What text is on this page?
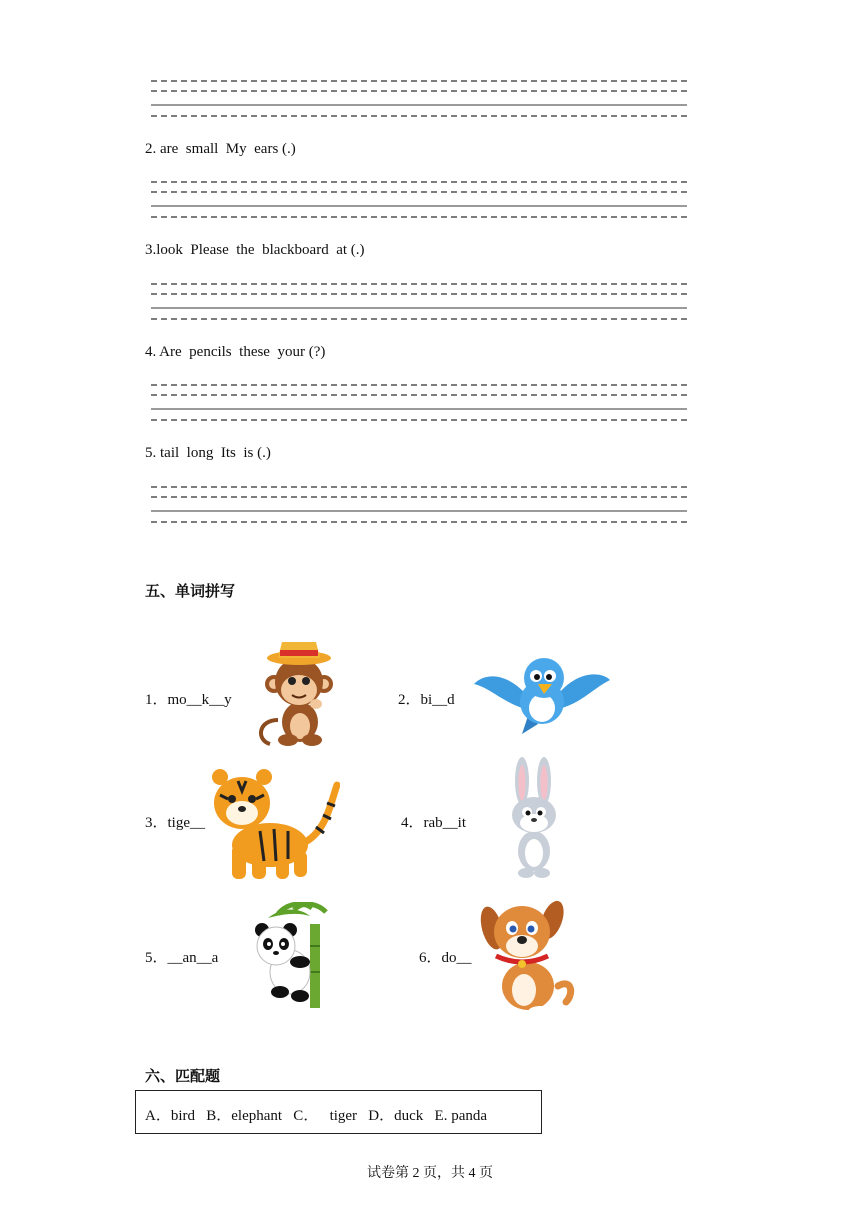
2. are  small  My  ears (.)
3.look  Please  the  blackboard  at (.)
4. Are  pencils  these  your (?)
5. tail  long  Its  is (.)
五、单词拼写
1．mo__k__y	2．bi__d
3．tige__	4．rab__it
5．__an__a	6．do__
六、匹配题
A．bird   B．elephant   C．   tiger   D．duck   E. panda
试卷第 2 页，共 4 页
